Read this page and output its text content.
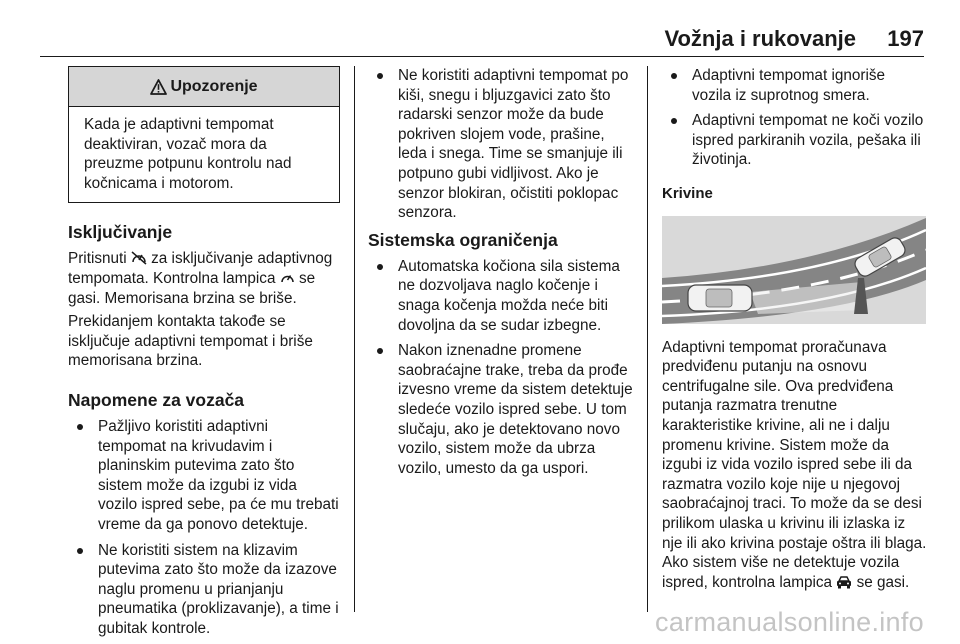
Vožnja i rukovanje 197
Upozorenje
Kada je adaptivni tempomat deaktiviran, vozač mora da preuzme potpunu kontrolu nad kočnicama i motorom.
Isključivanje

Pritisnuti za isključivanje adaptivnog tempomata. Kontrolna lampica se gasi. Memorisana brzina se briše.

Prekidanjem kontakta takođe se isključuje adaptivni tempomat i briše memorisana brzina.

Napomene za vozača
Pažljivo koristiti adaptivni tempomat na krivudavim i planinskim putevima zato što sistem može da izgubi iz vida vozilo ispred sebe, pa će mu trebati vreme da ga ponovo detektuje.
Ne koristiti sistem na klizavim putevima zato što može da izazove naglu promenu u prianjanju pneumatika (proklizavanje), a time i gubitak kontrole.
Ne koristiti adaptivni tempomat po kiši, snegu i bljuzgavici zato što radarski senzor može da bude pokriven slojem vode, prašine, leda i snega. Time se smanjuje ili potpuno gubi vidljivost. Ako je senzor blokiran, očistiti poklopac senzora.
Sistemska ograničenja
Automatska kočiona sila sistema ne dozvoljava naglo kočenje i snaga kočenja možda neće biti dovoljna da se sudar izbegne.
Nakon iznenadne promene saobraćajne trake, treba da prođe izvesno vreme da sistem detektuje sledeće vozilo ispred sebe. U tom slučaju, ako je detektovano novo vozilo, sistem može da ubrza vozilo, umesto da ga uspori.
Adaptivni tempomat ignoriše vozila iz suprotnog smera.
Adaptivni tempomat ne koči vozilo ispred parkiranih vozila, pešaka ili životinja.
Krivine

Adaptivni tempomat proračunava predviđenu putanju na osnovu centrifugalne sile. Ova predviđena putanja razmatra trenutne karakteristike krivine, ali ne i dalju promenu krivine. Sistem može da izgubi iz vida vozilo ispred sebe ili da razmatra vozilo koje nije u njegovoj saobraćajnoj traci. To može da se desi prilikom ulaska u krivinu ili izlaska iz nje ili ako krivina postaje oštra ili blaga. Ako sistem više ne detektuje vozila ispred, kontrolna lampica se gasi.

carmanualsonline.info
